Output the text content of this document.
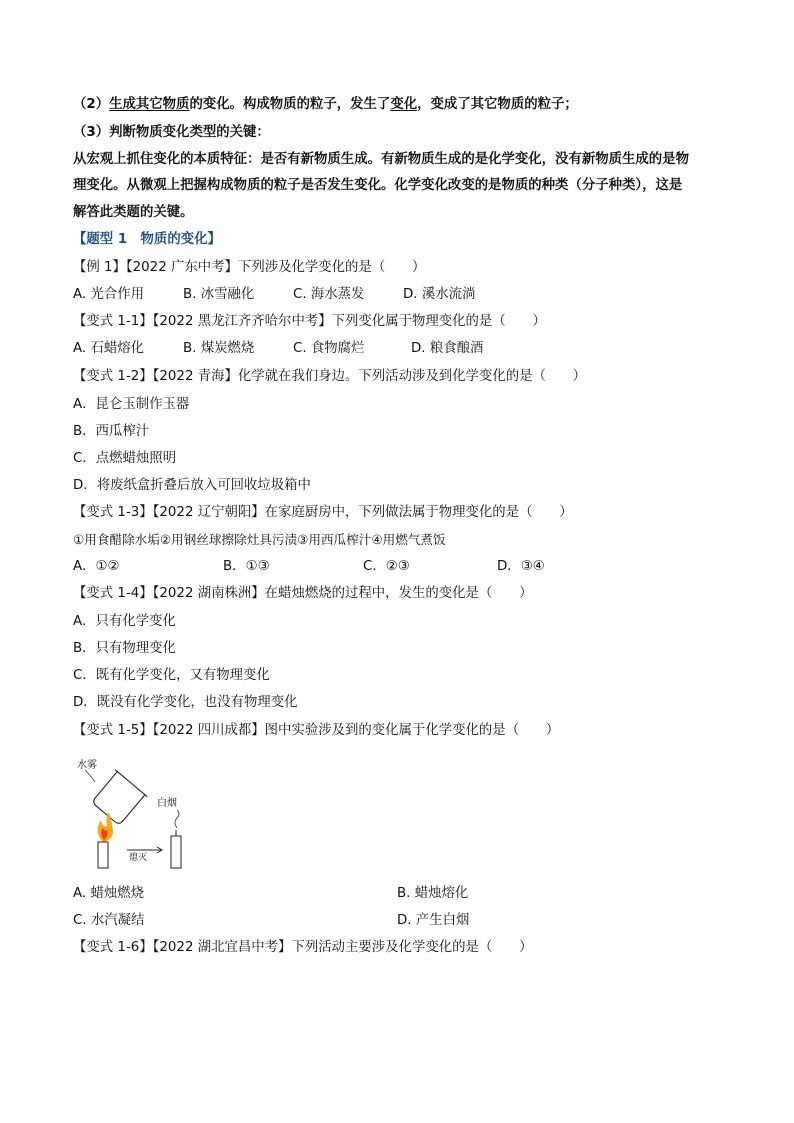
（2）生成其它物质的变化。构成物质的粒子，发生了变化，变成了其它物质的粒子；
（3）判断物质变化类型的关键：
从宏观上抓住变化的本质特征：是否有新物质生成。有新物质生成的是化学变化，没有新物质生成的是物
理变化。从微观上把握构成物质的粒子是否发生变化。化学变化改变的是物质的种类（分子种类），这是
解答此类题的关键。
【题型 1　物质的变化】
【例 1】【2022 广东中考】下列涉及化学变化的是（　　）
A. 光合作用	B. 冰雪融化	C. 海水蒸发	D. 溪水流淌
【变式 1-1】【2022 黑龙江齐齐哈尔中考】下列变化属于物理变化的是（　　）
A. 石蜡熔化	B. 煤炭燃烧	C. 食物腐烂	D. 粮食酿酒
【变式 1-2】【2022 青海】化学就在我们身边。下列活动涉及到化学变化的是（　　）
A．昆仑玉制作玉器
B．西瓜榨汁
C．点燃蜡烛照明
D．将废纸盒折叠后放入可回收垃圾箱中
【变式 1-3】【2022 辽宁朝阳】在家庭厨房中，下列做法属于物理变化的是（　　）
①用食醋除水垢②用钢丝球擦除灶具污渍③用西瓜榨汁④用燃气煮饭
A．①②	B．①③	C．②③	D．③④
【变式 1-4】【2022 湖南株洲】在蜡烛燃烧的过程中，发生的变化是（　　）
A．只有化学变化
B．只有物理变化
C．既有化学变化，又有物理变化
D．既没有化学变化，也没有物理变化
【变式 1-5】【2022 四川成都】图中实验涉及到的变化属于化学变化的是（　　）
水雾
熄灭
白烟
A. 蜡烛燃烧	B. 蜡烛熔化
C. 水汽凝结	D. 产生白烟
【变式 1-6】【2022 湖北宜昌中考】下列活动主要涉及化学变化的是（　　）
